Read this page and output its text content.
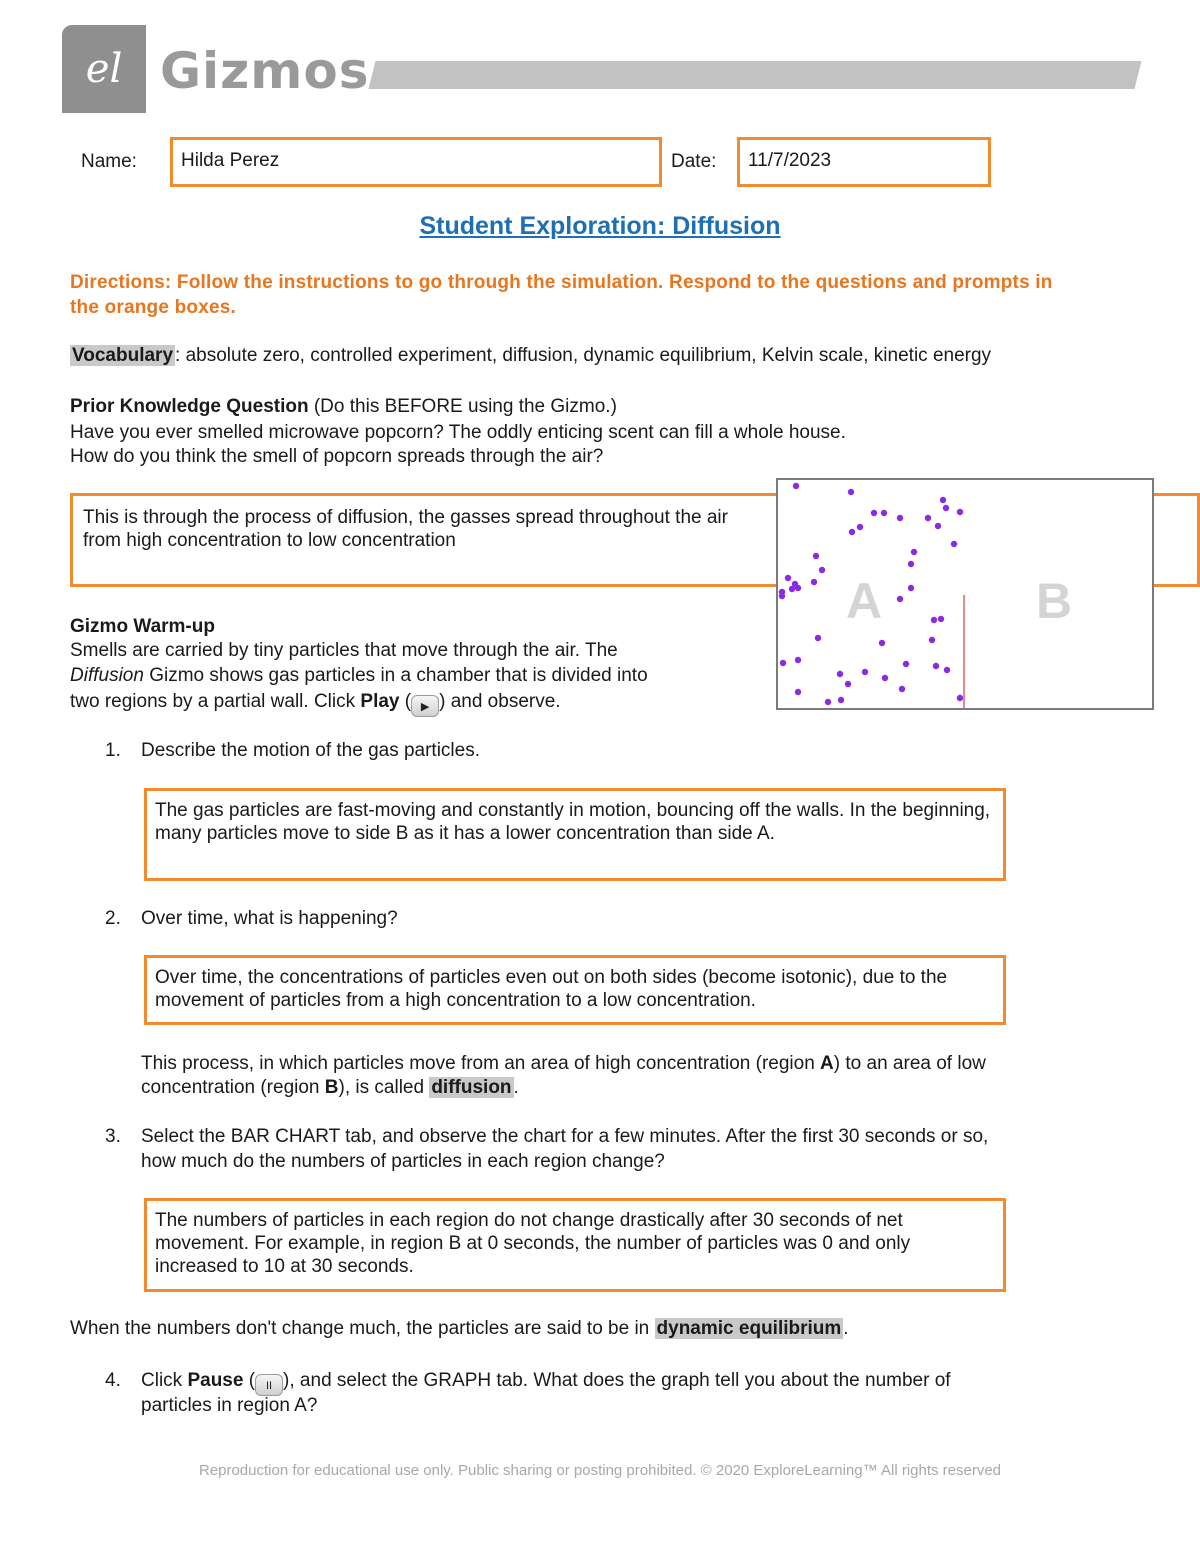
el Gizmos
Name:	Hilda Perez	Date:	11/7/2023
Student Exploration: Diffusion
Directions: Follow the instructions to go through the simulation. Respond to the questions and prompts in the orange boxes.
Vocabulary : absolute zero, controlled experiment, diffusion, dynamic equilibrium, Kelvin scale, kinetic energy
Prior Knowledge Question (Do this BEFORE using the Gizmo.)
Have you ever smelled microwave popcorn? The oddly enticing scent can fill a whole house.
How do you think the smell of popcorn spreads through the air?
This is through the process of diffusion, the gasses spread throughout the air from high concentration to low concentration
A	B
Gizmo Warm-up
Smells are carried by tiny particles that move through the air. The
Diffusion Gizmo shows gas particles in a chamber that is divided into
two regions by a partial wall. Click Play ( ▶ ) and observe.
1. Describe the motion of the gas particles.
The gas particles are fast-moving and constantly in motion, bouncing off the walls. In the beginning, many particles move to side B as it has a lower concentration than side A.
2. Over time, what is happening?
Over time, the concentrations of particles even out on both sides (become isotonic), due to the movement of particles from a high concentration to a low concentration.
This process, in which particles move from an area of high concentration (region A) to an area of low
concentration (region B), is called diffusion .
3. Select the BAR CHART tab, and observe the chart for a few minutes. After the first 30 seconds or so,
how much do the numbers of particles in each region change?
The numbers of particles in each region do not change drastically after 30 seconds of net movement. For example, in region B at 0 seconds, the number of particles was 0 and only increased to 10 at 30 seconds.
When the numbers don't change much, the particles are said to be in dynamic equilibrium .
4. Click Pause ( II ), and select the GRAPH tab. What does the graph tell you about the number of
particles in region A?
Reproduction for educational use only. Public sharing or posting prohibited. © 2020 ExploreLearning™ All rights reserved
